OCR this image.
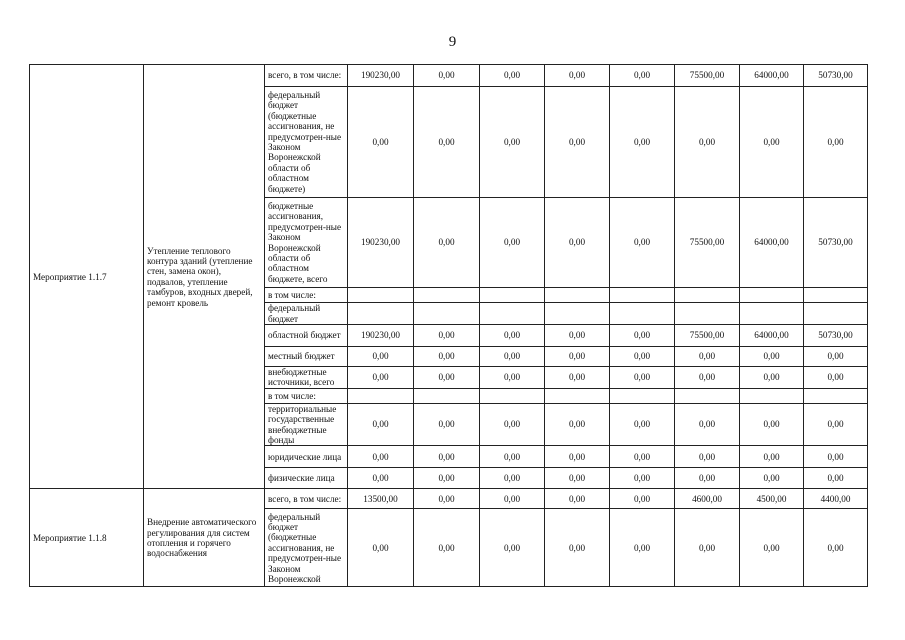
9
Мероприятие 1.1.7	Утепление теплового контура зданий (утепление стен, замена окон), подвалов, утепление тамбуров, входных дверей, ремонт кровель	всего, в том числе:	190230,00	0,00	0,00	0,00	0,00	75500,00	64000,00	50730,00
		федеральный бюджет (бюджетные ассигнования, не предусмотрен-ные Законом Воронежской области об областном бюджете)	0,00	0,00	0,00	0,00	0,00	0,00	0,00	0,00
		бюджетные ассигнования, предусмотрен-ные Законом Воронежской области об областном бюджете, всего	190230,00	0,00	0,00	0,00	0,00	75500,00	64000,00	50730,00
		в том числе:								
		федеральный бюджет								
		областной бюджет	190230,00	0,00	0,00	0,00	0,00	75500,00	64000,00	50730,00
		местный бюджет	0,00	0,00	0,00	0,00	0,00	0,00	0,00	0,00
		внебюджетные источники, всего	0,00	0,00	0,00	0,00	0,00	0,00	0,00	0,00
		в том числе:								
		территориальные государственные внебюджетные фонды	0,00	0,00	0,00	0,00	0,00	0,00	0,00	0,00
		юридические лица	0,00	0,00	0,00	0,00	0,00	0,00	0,00	0,00
		физические лица	0,00	0,00	0,00	0,00	0,00	0,00	0,00	0,00
Мероприятие 1.1.8	Внедрение автоматического регулирования для систем отопления и горячего водоснабжения	всего, в том числе:	13500,00	0,00	0,00	0,00	0,00	4600,00	4500,00	4400,00
		федеральный бюджет (бюджетные ассигнования, не предусмотрен-ные Законом Воронежской	0,00	0,00	0,00	0,00	0,00	0,00	0,00	0,00
